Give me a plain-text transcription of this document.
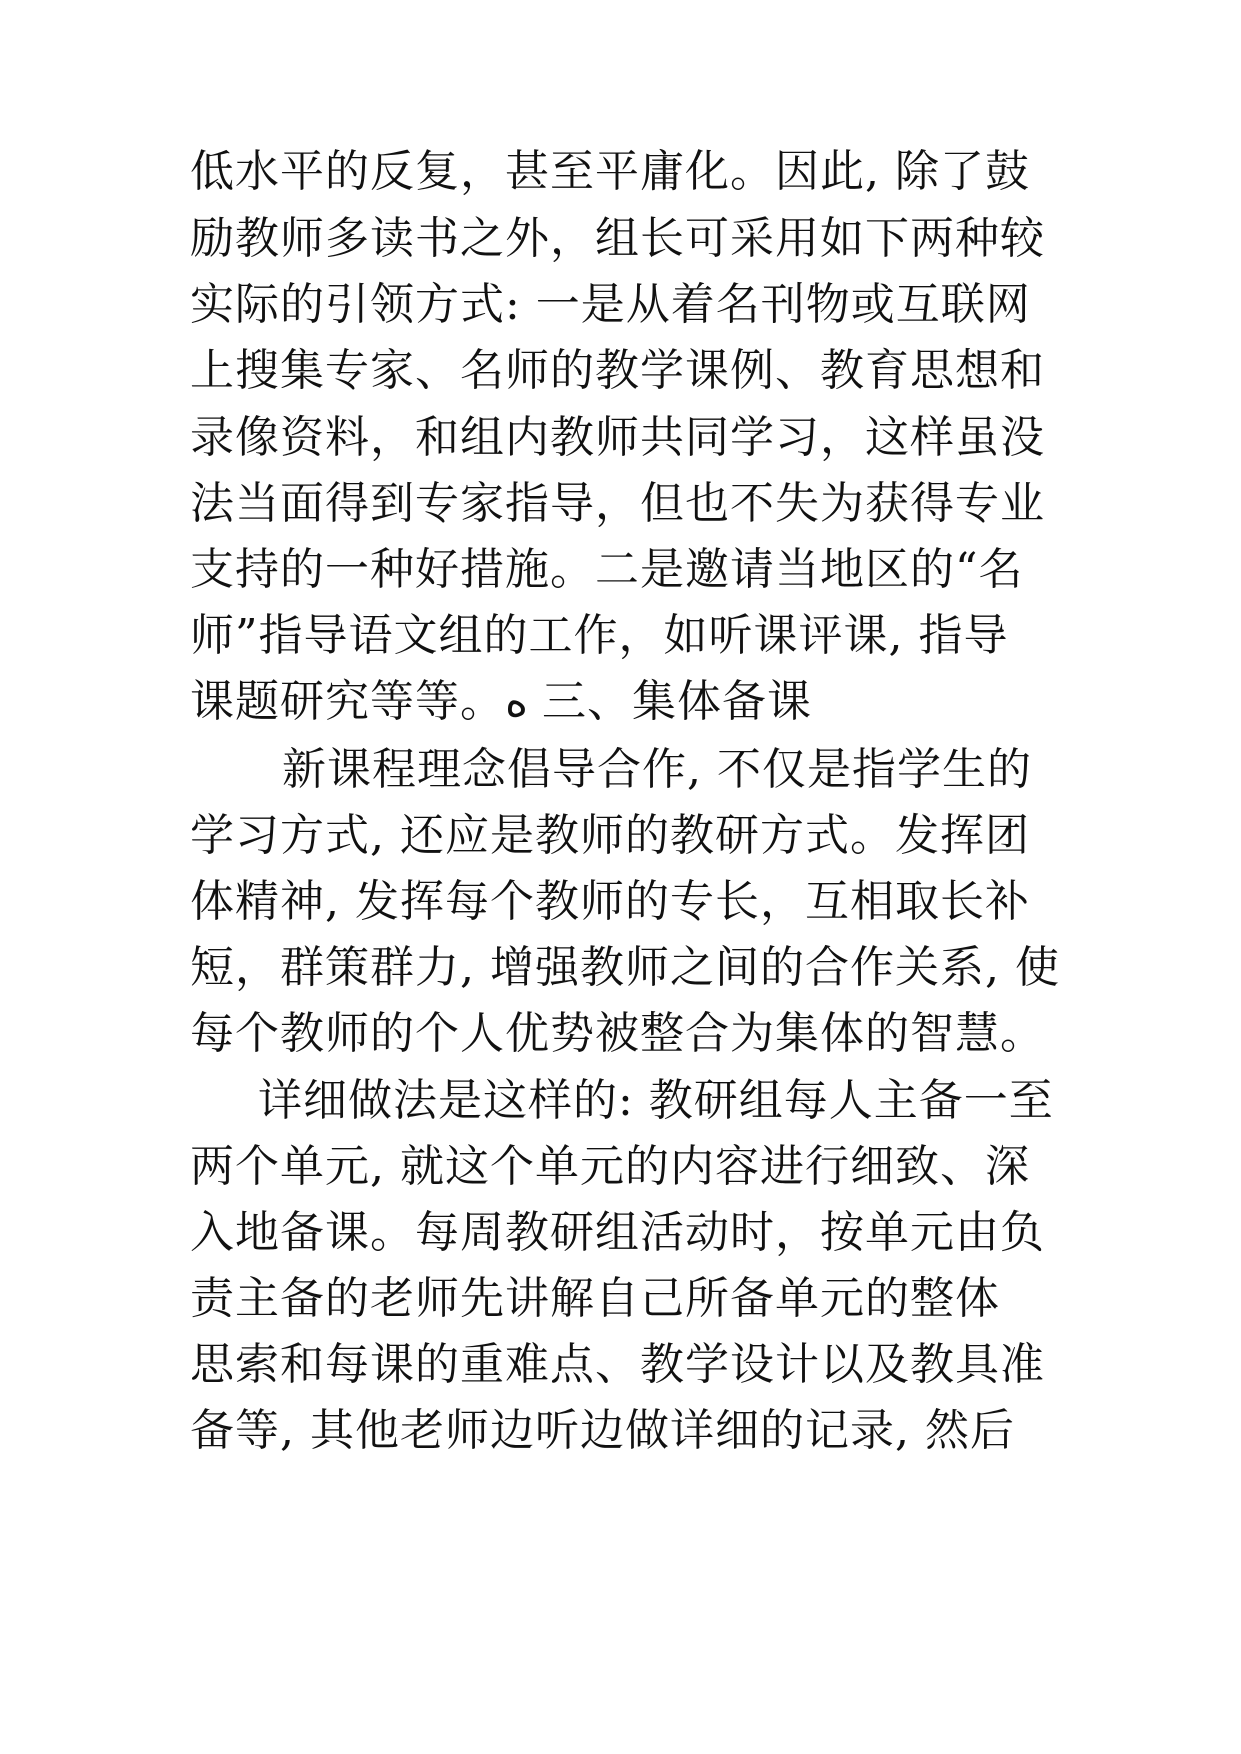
低水平的反复，甚至平庸化。因此, 除了鼓
励教师多读书之外，组长可采用如下两种较
实际的引领方式: 一是从着名刊物或互联网
上搜集专家、名师的教学课例、教育思想和
录像资料，和组内教师共同学习，这样虽没
法当面得到专家指导，但也不失为获得专业
支持的一种好措施。二是邀请当地区的“名
师”指导语文组的工作，如听课评课, 指导
课题研究等等。ﻩ 三、集体备课
新课程理念倡导合作, 不仅是指学生的
学习方式, 还应是教师的教研方式。发挥团
体精神, 发挥每个教师的专长，互相取长补
短，群策群力, 增强教师之间的合作关系, 使
每个教师的个人优势被整合为集体的智慧。
详细做法是这样的: 教研组每人主备一至
两个单元, 就这个单元的内容进行细致、深
入地备课。每周教研组活动时，按单元由负
责主备的老师先讲解自己所备单元的整体
思索和每课的重难点、教学设计以及教具准
备等, 其他老师边听边做详细的记录, 然后
